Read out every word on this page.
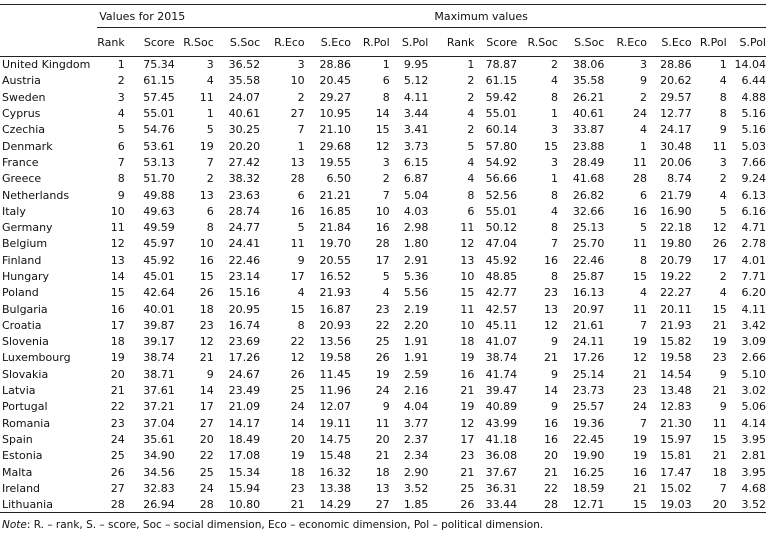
	Values for 2015								Maximum values							
	Rank	Score	R.Soc	S.Soc	R.Eco	S.Eco	R.Pol	S.Pol	Rank	Score	R.Soc	S.Soc	R.Eco	S.Eco	R.Pol	S.Pol
United Kingdom	1	75.34	3	36.52	3	28.86	1	9.95	1	78.87	2	38.06	3	28.86	1	14.04
Austria	2	61.15	4	35.58	10	20.45	6	5.12	2	61.15	4	35.58	9	20.62	4	6.44
Sweden	3	57.45	11	24.07	2	29.27	8	4.11	2	59.42	8	26.21	2	29.57	8	4.88
Cyprus	4	55.01	1	40.61	27	10.95	14	3.44	4	55.01	1	40.61	24	12.77	8	5.16
Czechia	5	54.76	5	30.25	7	21.10	15	3.41	2	60.14	3	33.87	4	24.17	9	5.16
Denmark	6	53.61	19	20.20	1	29.68	12	3.73	5	57.80	15	23.88	1	30.48	11	5.03
France	7	53.13	7	27.42	13	19.55	3	6.15	4	54.92	3	28.49	11	20.06	3	7.66
Greece	8	51.70	2	38.32	28	6.50	2	6.87	4	56.66	1	41.68	28	8.74	2	9.24
Netherlands	9	49.88	13	23.63	6	21.21	7	5.04	8	52.56	8	26.82	6	21.79	4	6.13
Italy	10	49.63	6	28.74	16	16.85	10	4.03	6	55.01	4	32.66	16	16.90	5	6.16
Germany	11	49.59	8	24.77	5	21.84	16	2.98	11	50.12	8	25.13	5	22.18	12	4.71
Belgium	12	45.97	10	24.41	11	19.70	28	1.80	12	47.04	7	25.70	11	19.80	26	2.78
Finland	13	45.92	16	22.46	9	20.55	17	2.91	13	45.92	16	22.46	8	20.79	17	4.01
Hungary	14	45.01	15	23.14	17	16.52	5	5.36	10	48.85	8	25.87	15	19.22	2	7.71
Poland	15	42.64	26	15.16	4	21.93	4	5.56	15	42.77	23	16.13	4	22.27	4	6.20
Bulgaria	16	40.01	18	20.95	15	16.87	23	2.19	11	42.57	13	20.97	11	20.11	15	4.11
Croatia	17	39.87	23	16.74	8	20.93	22	2.20	10	45.11	12	21.61	7	21.93	21	3.42
Slovenia	18	39.17	12	23.69	22	13.56	25	1.91	18	41.07	9	24.11	19	15.82	19	3.09
Luxembourg	19	38.74	21	17.26	12	19.58	26	1.91	19	38.74	21	17.26	12	19.58	23	2.66
Slovakia	20	38.71	9	24.67	26	11.45	19	2.59	16	41.74	9	25.14	21	14.54	9	5.10
Latvia	21	37.61	14	23.49	25	11.96	24	2.16	21	39.47	14	23.73	23	13.48	21	3.02
Portugal	22	37.21	17	21.09	24	12.07	9	4.04	19	40.89	9	25.57	24	12.83	9	5.06
Romania	23	37.04	27	14.17	14	19.11	11	3.77	12	43.99	16	19.36	7	21.30	11	4.14
Spain	24	35.61	20	18.49	20	14.75	20	2.37	17	41.18	16	22.45	19	15.97	15	3.95
Estonia	25	34.90	22	17.08	19	15.48	21	2.34	23	36.08	20	19.90	19	15.81	21	2.81
Malta	26	34.56	25	15.34	18	16.32	18	2.90	21	37.67	21	16.25	16	17.47	18	3.95
Ireland	27	32.83	24	15.94	23	13.38	13	3.52	25	36.31	22	18.59	21	15.02	7	4.68
Lithuania	28	26.94	28	10.80	21	14.29	27	1.85	26	33.44	28	12.71	15	19.03	20	3.52
Note: R. – rank, S. – score, Soc – social dimension, Eco – economic dimension, Pol – political dimension.
